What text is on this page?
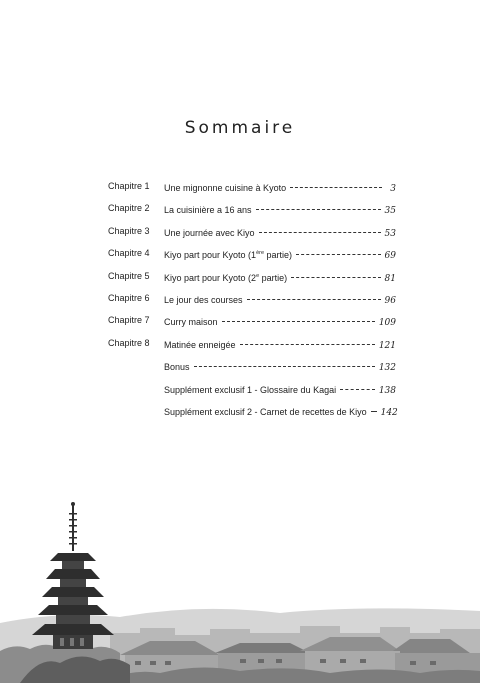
Sommaire
Chapitre 1 Une mignonne cuisine à Kyoto	3
Chapitre 2 La cuisinière a 16 ans	35
Chapitre 3 Une journée avec Kiyo	53
Chapitre 4 Kiyo part pour Kyoto (1ère partie)	69
Chapitre 5 Kiyo part pour Kyoto (2e partie)	81
Chapitre 6 Le jour des courses	96
Chapitre 7 Curry maison	109
Chapitre 8 Matinée enneigée	121
Bonus	132
Supplément exclusif 1 - Glossaire du Kagai	138
Supplément exclusif 2 - Carnet de recettes de Kiyo 142
